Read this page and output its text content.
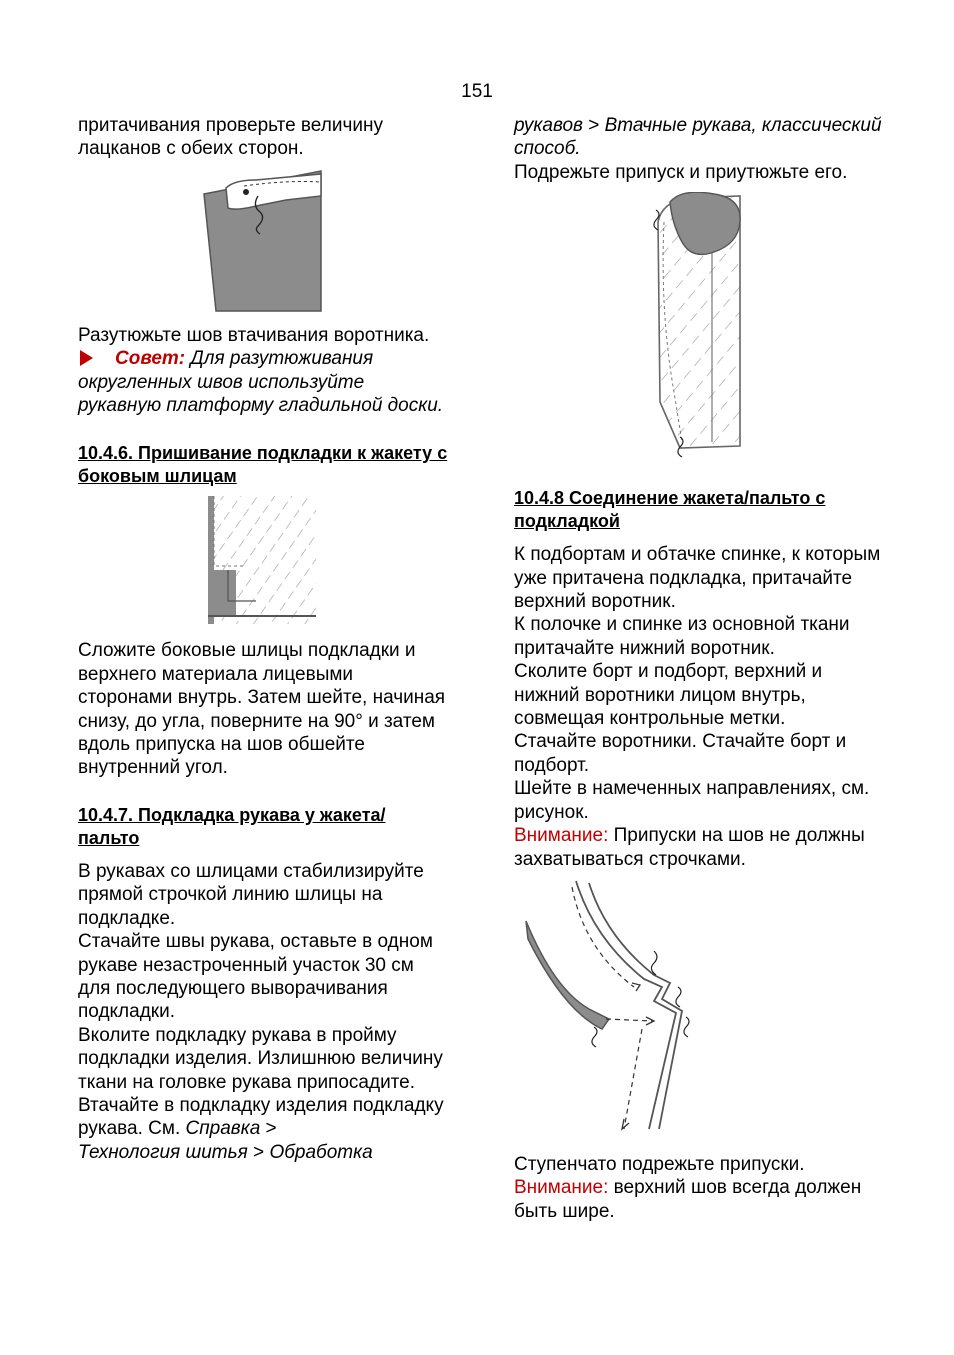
151

притачивания проверьте величину лацканов с обеих сторон.

Разутюжьте шов втачивания воротника.

Совет: Для разутюживания округленных швов используйте рукавную платформу гладильной доски.

10.4.6. Пришивание подкладки к жакету с боковым шлицам

Сложите боковые шлицы подкладки и верхнего материала лицевыми сторонами внутрь. Затем шейте, начиная снизу, до угла, поверните на 90° и затем вдоль припуска на шов обшейте внутренний угол.

10.4.7. Подкладка рукава у жакета/ пальто

В рукавах со шлицами стабилизируйте прямой строчкой линию шлицы на подкладке.

Стачайте швы рукава, оставьте в одном рукаве незастроченный участок 30 см для последующего выворачивания подкладки.

Вколите подкладку рукава в пройму подкладки изделия. Излишнюю величину ткани на головке рукава припосадите.

Втачайте в подкладку изделия подкладку рукава. См. Справка >
Технология шитья > Обработка

рукавов > Втачные рукава, классический способ.

Подрежьте припуск и приутюжьте его.

10.4.8 Соединение жакета/пальто с подкладкой

К подбортам и обтачке спинке, к которым уже притачена подкладка, притачайте верхний воротник.

К полочке и спинке из основной ткани притачайте нижний воротник.

Сколите борт и подборт, верхний и нижний воротники лицом внутрь, совмещая контрольные метки.

Стачайте воротники. Стачайте борт и подборт.

Шейте в намеченных направлениях, см. рисунок.

Внимание: Припуски на шов не должны захватываться строчками.

Ступенчато подрежьте припуски.

Внимание: верхний шов всегда должен быть шире.
